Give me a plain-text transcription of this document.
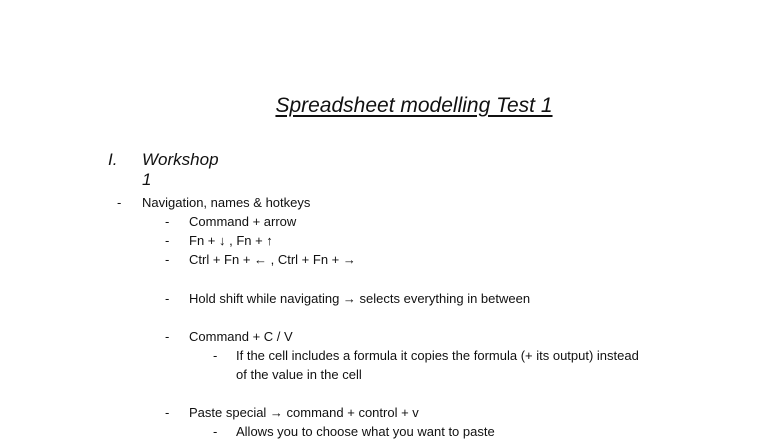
Spreadsheet modelling Test 1
I. Workshop 1
- Navigation, names & hotkeys
- Command + arrow
- Fn + ↓ , Fn + ↑
- Ctrl + Fn + ← , Ctrl + Fn + →
- Hold shift while navigating → selects everything in between
- Command + C / V
- If the cell includes a formula it copies the formula (+ its output) instead
of the value in the cell
- Paste special → command + control + v
- Allows you to choose what you want to paste
